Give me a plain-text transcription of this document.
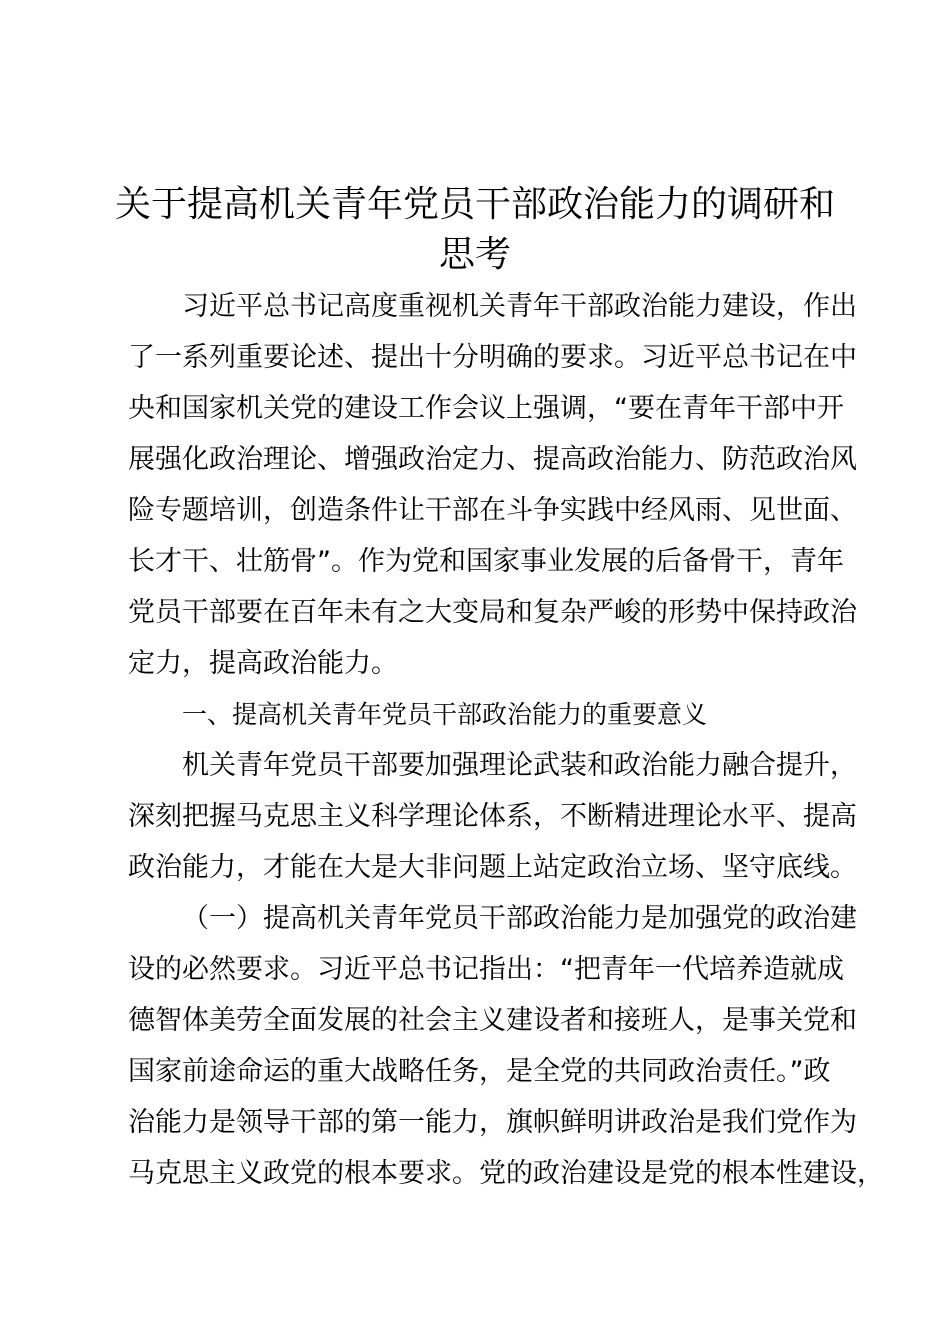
关于提高机关青年党员干部政治能力的调研和
思考
习近平总书记高度重视机关青年干部政治能力建设，作出
了一系列重要论述、提出十分明确的要求。习近平总书记在中
央和国家机关党的建设工作会议上强调，“要在青年干部中开
展强化政治理论、增强政治定力、提高政治能力、防范政治风
险专题培训，创造条件让干部在斗争实践中经风雨、见世面、
长才干、壮筋骨”。作为党和国家事业发展的后备骨干，青年
党员干部要在百年未有之大变局和复杂严峻的形势中保持政治
定力，提高政治能力。
一、提高机关青年党员干部政治能力的重要意义
机关青年党员干部要加强理论武装和政治能力融合提升，
深刻把握马克思主义科学理论体系，不断精进理论水平、提高
政治能力，才能在大是大非问题上站定政治立场、坚守底线。
（一）提高机关青年党员干部政治能力是加强党的政治建
设的必然要求。习近平总书记指出：“把青年一代培养造就成
德智体美劳全面发展的社会主义建设者和接班人，是事关党和
国家前途命运的重大战略任务，是全党的共同政治责任。”政
治能力是领导干部的第一能力，旗帜鲜明讲政治是我们党作为
马克思主义政党的根本要求。党的政治建设是党的根本性建设，
